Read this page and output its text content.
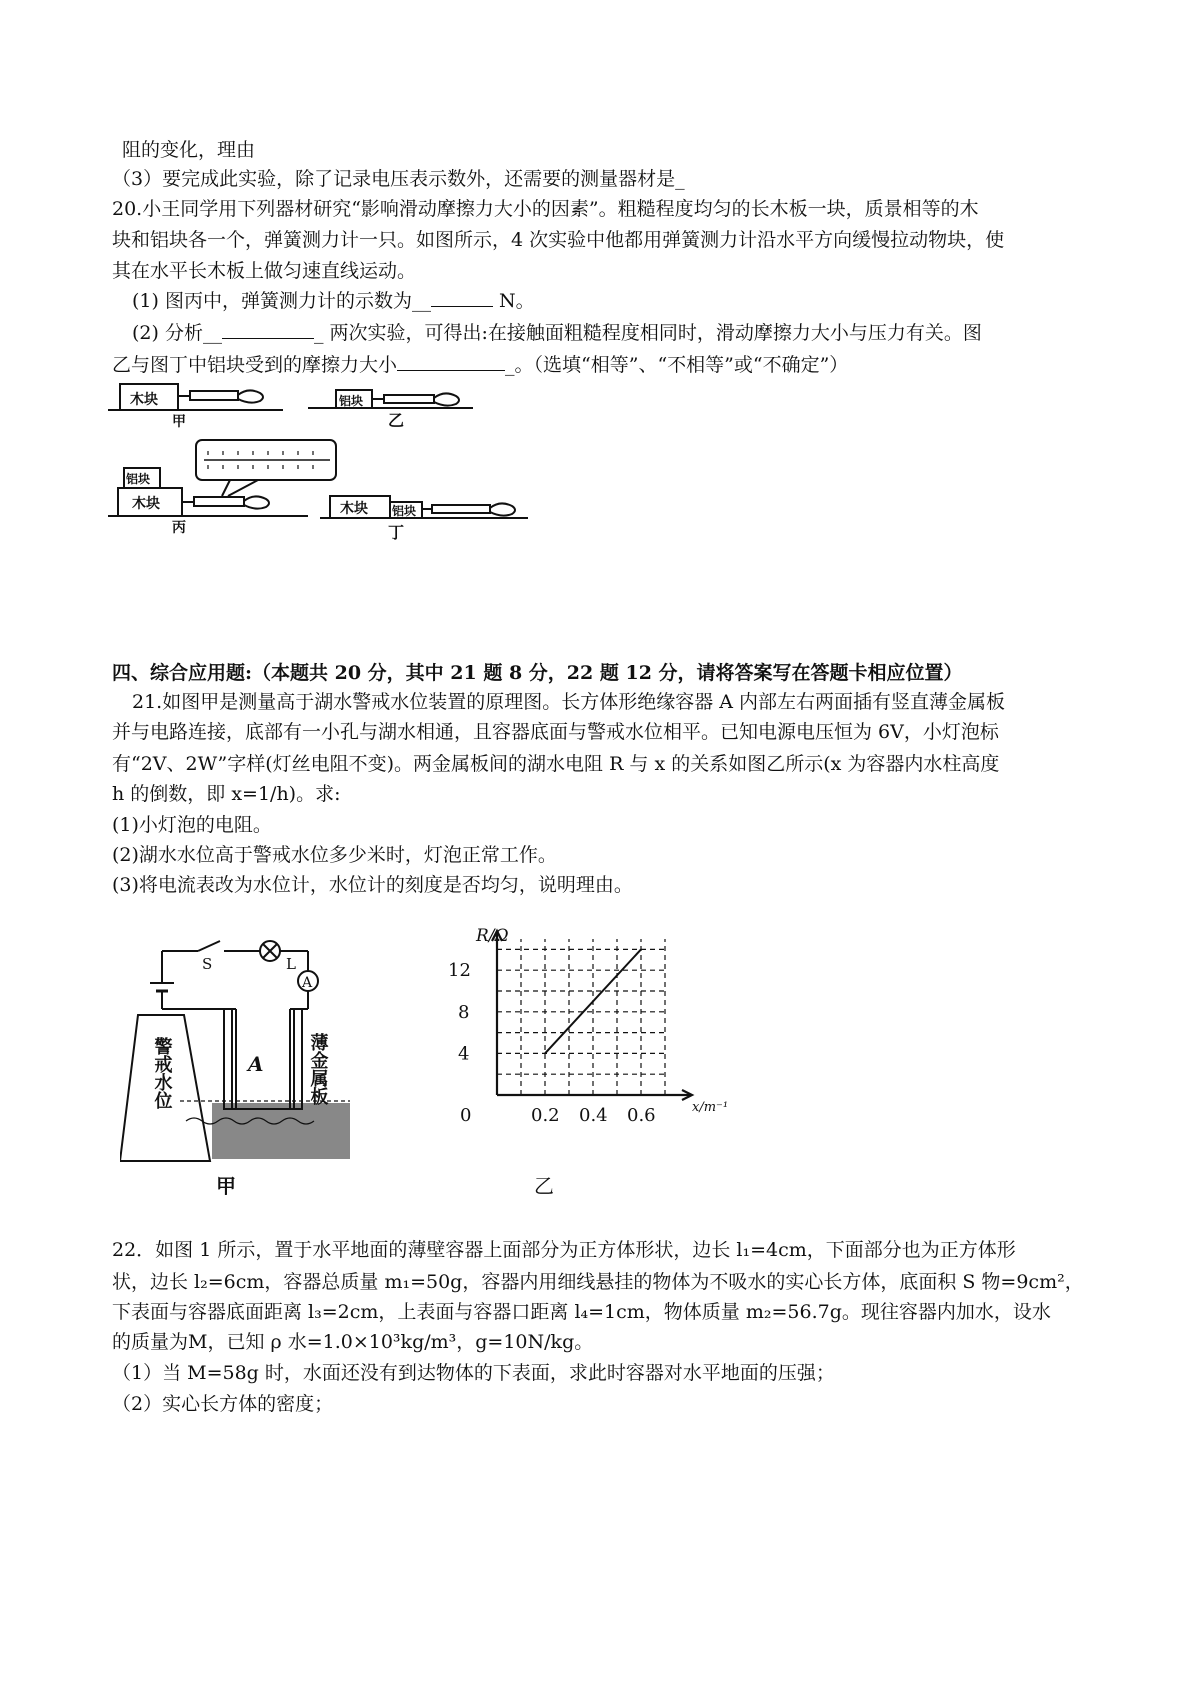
阻的变化，理由
（3）要完成此实验，除了记录电压表示数外，还需要的测量器材是_
20.小王同学用下列器材研究“影响滑动摩擦力大小的因素”。粗糙程度均匀的长木板一块，质景相等的木
块和铝块各一个，弹簧测力计一只。如图所示，4 次实验中他都用弹簧测力计沿水平方向缓慢拉动物块，使
其在水平长木板上做匀速直线运动。
(1) 图丙中，弹簧测力计的示数为__	N。
(2) 分析__	_ 两次实验，可得出:在接触面粗糙程度相同时，滑动摩擦力大小与压力有关。图
乙与图丁中铝块受到的摩擦力大小	_。（选填“相等”、“不相等”或“不确定”）
木块
甲
铝块
乙
铝块
木块
丙
木块 铝块
丁
四、综合应用题:（本题共 20 分，其中 21 题 8 分，22 题 12 分，请将答案写在答题卡相应位置）
21.如图甲是测量高于湖水警戒水位装置的原理图。长方体形绝缘容器 A 内部左右两面插有竖直薄金属板
并与电路连接，底部有一小孔与湖水相通，且容器底面与警戒水位相平。已知电源电压恒为 6V，小灯泡标
有“2V、2W”字样(灯丝电阻不变)。两金属板间的湖水电阻 R 与 x 的关系如图乙所示(x 为容器内水柱高度
h 的倒数，即 x=1/h)。求:
(1)小灯泡的电阻。
(2)湖水水位高于警戒水位多少米时，灯泡正常工作。
(3)将电流表改为水位计，水位计的刻度是否均匀，说明理由。
S	L
A
A
甲
薄金属板
警戒水位
0.2 0.4 0.6
4
8
12
R/Ω
x/m⁻¹
0
乙
22．如图 1 所示，置于水平地面的薄壁容器上面部分为正方体形状，边长 l₁=4cm，下面部分也为正方体形
状，边长 l₂=6cm，容器总质量 m₁=50g，容器内用细线悬挂的物体为不吸水的实心长方体，底面积 S 物=9cm²，
下表面与容器底面距离 l₃=2cm，上表面与容器口距离 l₄=1cm，物体质量 m₂=56.7g。现往容器内加水，设水
的质量为M，已知 ρ 水=1.0×10³kg/m³，g=10N/kg。
（1）当 M=58g 时，水面还没有到达物体的下表面，求此时容器对水平地面的压强；
（2）实心长方体的密度；
